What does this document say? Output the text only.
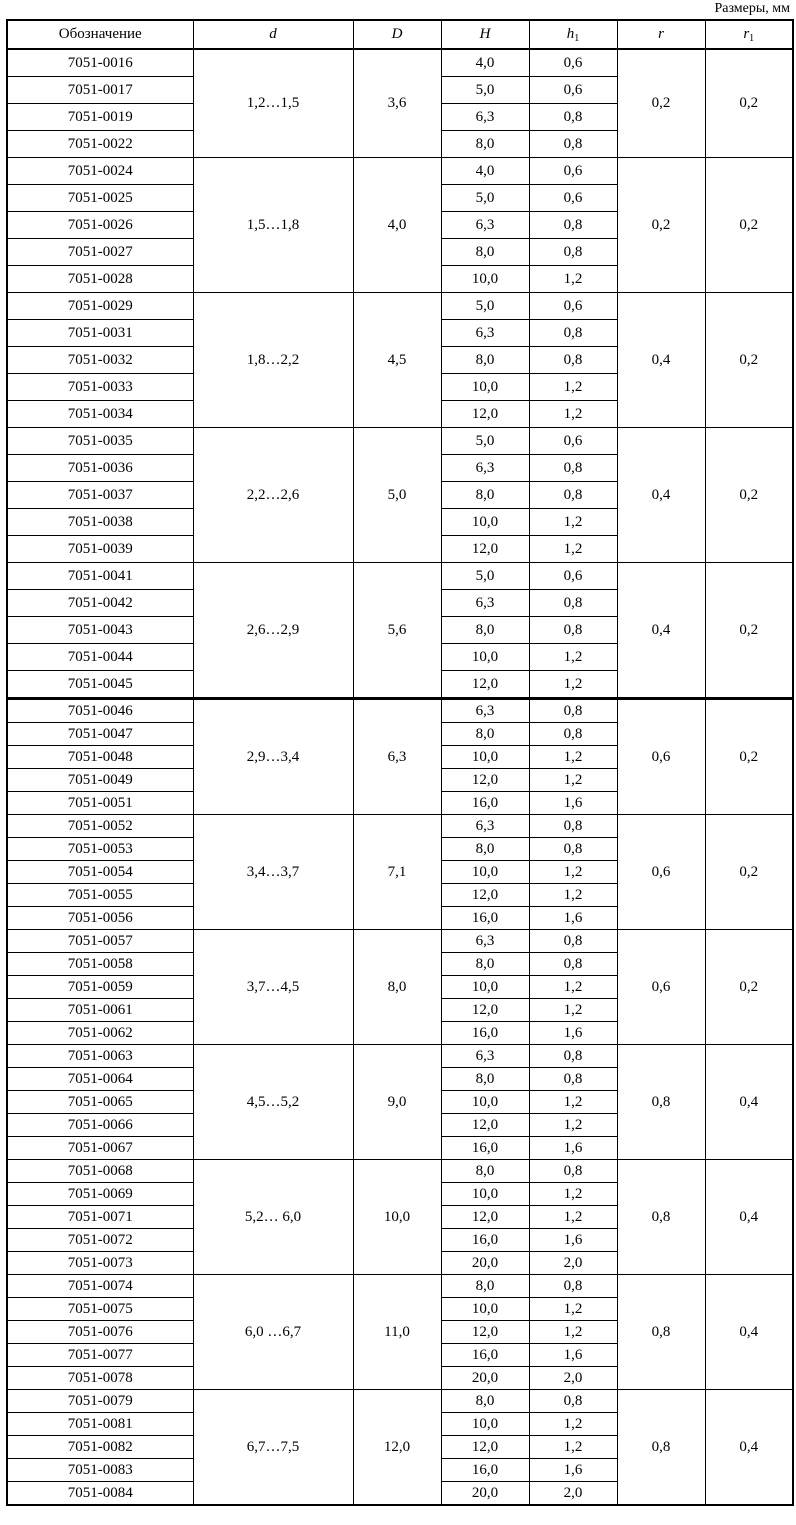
Размеры, мм
Обозначение	d	D	H	$h_1$	r	$r_1$
7051-0016	1,2…1,5	3,6	4,0	0,6	0,2	0,2
7051-0017			5,0	0,6		
7051-0019			6,3	0,8		
7051-0022			8,0	0,8		
7051-0024	1,5…1,8	4,0	4,0	0,6	0,2	0,2
7051-0025			5,0	0,6		
7051-0026			6,3	0,8		
7051-0027			8,0	0,8		
7051-0028			10,0	1,2		
7051-0029	1,8…2,2	4,5	5,0	0,6	0,4	0,2
7051-0031			6,3	0,8		
7051-0032			8,0	0,8		
7051-0033			10,0	1,2		
7051-0034			12,0	1,2		
7051-0035	2,2…2,6	5,0	5,0	0,6	0,4	0,2
7051-0036			6,3	0,8		
7051-0037			8,0	0,8		
7051-0038			10,0	1,2		
7051-0039			12,0	1,2		
7051-0041	2,6…2,9	5,6	5,0	0,6	0,4	0,2
7051-0042			6,3	0,8		
7051-0043			8,0	0,8		
7051-0044			10,0	1,2		
7051-0045			12,0	1,2		
7051-0046	2,9…3,4	6,3	6,3	0,8	0,6	0,2
7051-0047			8,0	0,8		
7051-0048			10,0	1,2		
7051-0049			12,0	1,2		
7051-0051			16,0	1,6		
7051-0052	3,4…3,7	7,1	6,3	0,8	0,6	0,2
7051-0053			8,0	0,8		
7051-0054			10,0	1,2		
7051-0055			12,0	1,2		
7051-0056			16,0	1,6		
7051-0057	3,7…4,5	8,0	6,3	0,8	0,6	0,2
7051-0058			8,0	0,8		
7051-0059			10,0	1,2		
7051-0061			12,0	1,2		
7051-0062			16,0	1,6		
7051-0063	4,5…5,2	9,0	6,3	0,8	0,8	0,4
7051-0064			8,0	0,8		
7051-0065			10,0	1,2		
7051-0066			12,0	1,2		
7051-0067			16,0	1,6		
7051-0068	5,2… 6,0	10,0	8,0	0,8	0,8	0,4
7051-0069			10,0	1,2		
7051-0071			12,0	1,2		
7051-0072			16,0	1,6		
7051-0073			20,0	2,0		
7051-0074	6,0 …6,7	11,0	8,0	0,8	0,8	0,4
7051-0075			10,0	1,2		
7051-0076			12,0	1,2		
7051-0077			16,0	1,6		
7051-0078			20,0	2,0		
7051-0079	6,7…7,5	12,0	8,0	0,8	0,8	0,4
7051-0081			10,0	1,2		
7051-0082			12,0	1,2		
7051-0083			16,0	1,6		
7051-0084			20,0	2,0		
